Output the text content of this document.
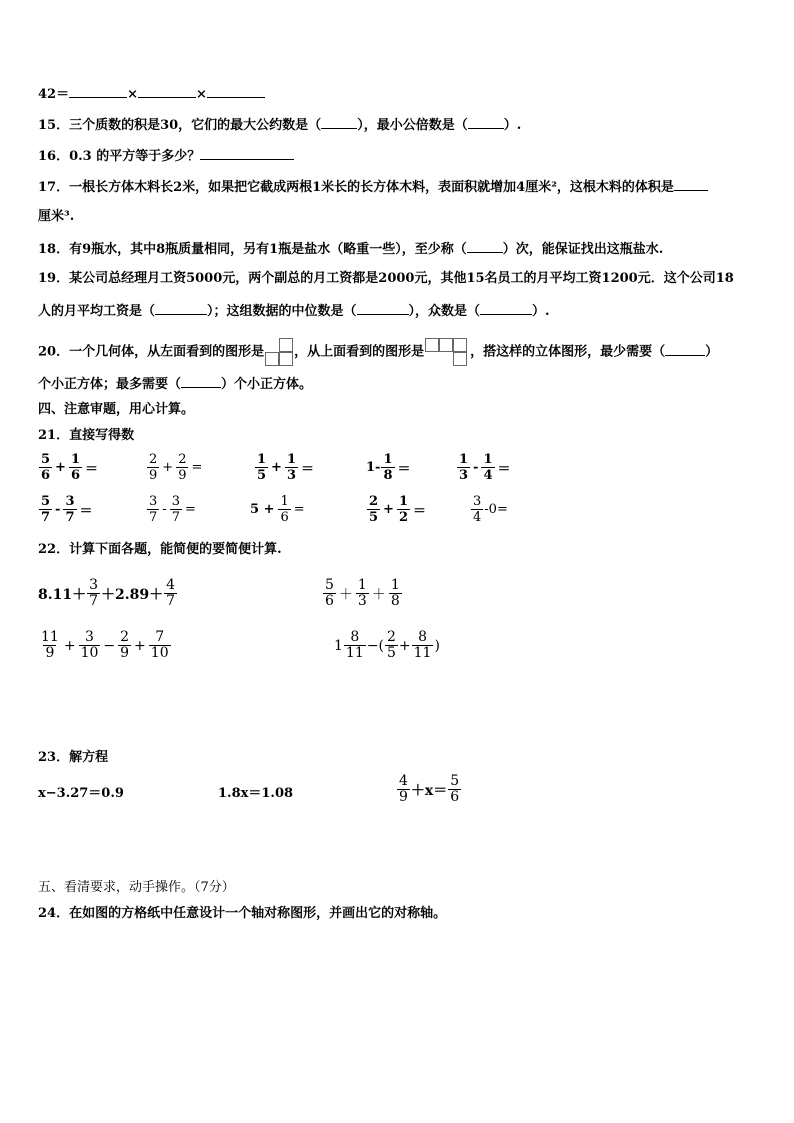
42＝	×	×
15．三个质数的积是30，它们的最大公约数是（	），最小公倍数是（	）.
16．0.3 的平方等于多少？
17．一根长方体木料长2米，如果把它截成两根1米长的长方体木料，表面积就增加4厘米²，这根木料的体积是
厘米³.
18．有9瓶水，其中8瓶质量相同，另有1瓶是盐水（略重一些），至少称（	）次，能保证找出这瓶盐水.
19．某公司总经理月工资5000元，两个副总的月工资都是2000元，其他15名员工的月平均工资1200元．这个公司18
人的月平均工资是（	）；这组数据的中位数是（	），众数是（	）.
20．一个几何体，从左面看到的图形是 ，从上面看到的图形是	，搭这样的立体图形，最少需要（	）
个小正方体；最多需要（	）个小正方体。
四、注意审题，用心计算。
21．直接写得数
$\frac{5}{6} + \frac{1}{6}$ ＝	$\frac{2}{9} + \frac{2}{9}$ =	$\frac{1}{5} + \frac{1}{3}$ ＝	$1- \frac{1}{8}$ ＝	$\frac{1}{3} - \frac{1}{4}$ ＝
$\frac{5}{7} - \frac{3}{7}$ ＝	$\frac{3}{7} - \frac{3}{7}$ =	$5 + \frac{1}{6}$ =	$\frac{2}{5} + \frac{1}{2}$ ＝	$\frac{3}{4} -0=$
22．计算下面各题，能简便的要简便计算.
$8.11+ \frac{3}{7} +2.89+ \frac{4}{7}$	$\frac{5}{6} + \frac{1}{3} + \frac{1}{8}$
$\frac{11}{9} + \frac{3}{10} - \frac{2}{9} + \frac{7}{10}$	$1 \frac{8}{11}$ −( $\frac{2}{5} + \frac{8}{11}$ )
23．解方程
x−3.27＝0.9	1.8x＝1.08	$\frac{4}{9} +x= \frac{5}{6}$
五、看清要求，动手操作。（7分）
24．在如图的方格纸中任意设计一个轴对称图形，并画出它的对称轴。
